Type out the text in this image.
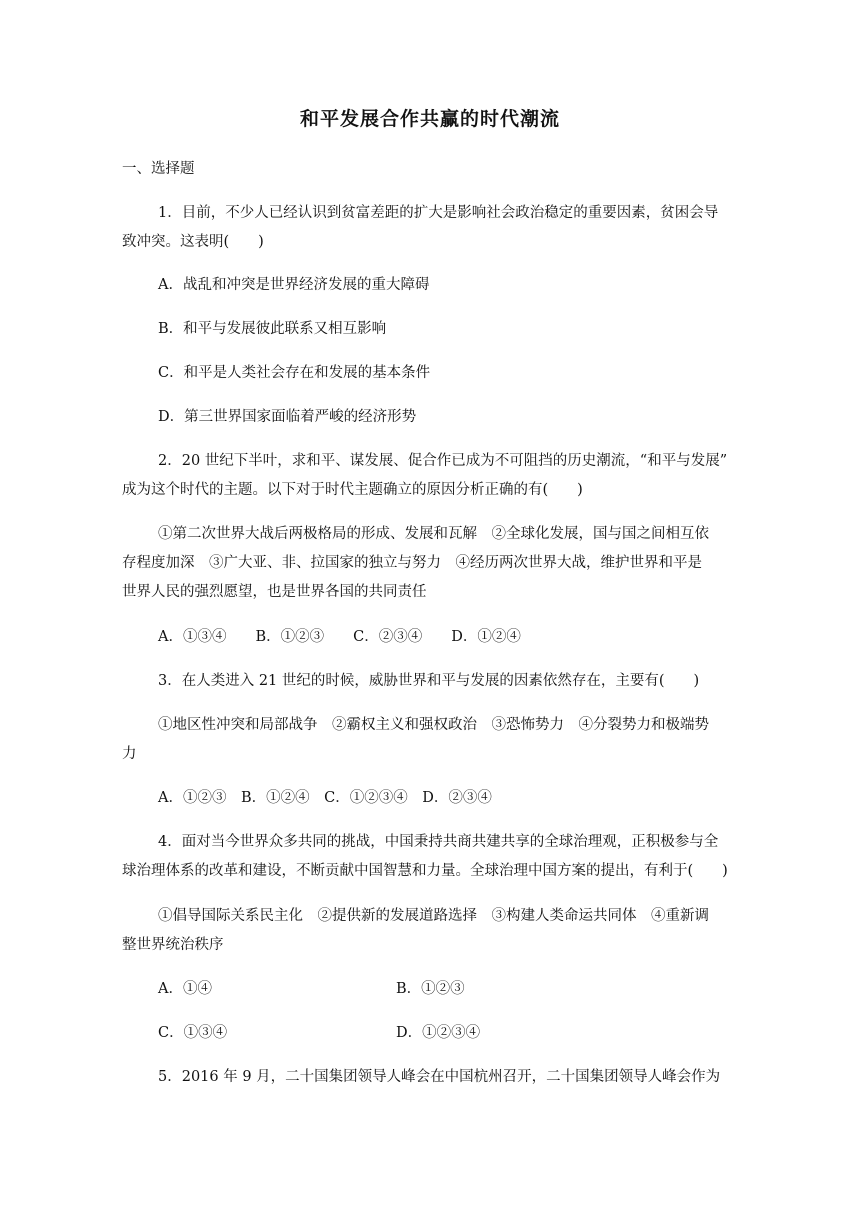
和平发展合作共赢的时代潮流
一、选择题
1．目前，不少人已经认识到贫富差距的扩大是影响社会政治稳定的重要因素，贫困会导
致冲突。这表明(　　)
A．战乱和冲突是世界经济发展的重大障碍
B．和平与发展彼此联系又相互影响
C．和平是人类社会存在和发展的基本条件
D．第三世界国家面临着严峻的经济形势
2．20 世纪下半叶，求和平、谋发展、促合作已成为不可阻挡的历史潮流，“和平与发展”
成为这个时代的主题。以下对于时代主题确立的原因分析正确的有(　　)
①第二次世界大战后两极格局的形成、发展和瓦解　②全球化发展，国与国之间相互依
存程度加深　③广大亚、非、拉国家的独立与努力　④经历两次世界大战，维护世界和平是
世界人民的强烈愿望，也是世界各国的共同责任
A．①③④　　B．①②③　　C．②③④　　D．①②④
3．在人类进入 21 世纪的时候，威胁世界和平与发展的因素依然存在，主要有(　　)
①地区性冲突和局部战争　②霸权主义和强权政治　③恐怖势力　④分裂势力和极端势
力
A．①②③　B．①②④　C．①②③④　D．②③④
4．面对当今世界众多共同的挑战，中国秉持共商共建共享的全球治理观，正积极参与全
球治理体系的改革和建设，不断贡献中国智慧和力量。全球治理中国方案的提出，有利于(　　)
①倡导国际关系民主化　②提供新的发展道路选择　③构建人类命运共同体　④重新调
整世界统治秩序
A．①④	B．①②③
C．①③④	D．①②③④
5．2016 年 9 月，二十国集团领导人峰会在中国杭州召开，二十国集团领导人峰会作为
